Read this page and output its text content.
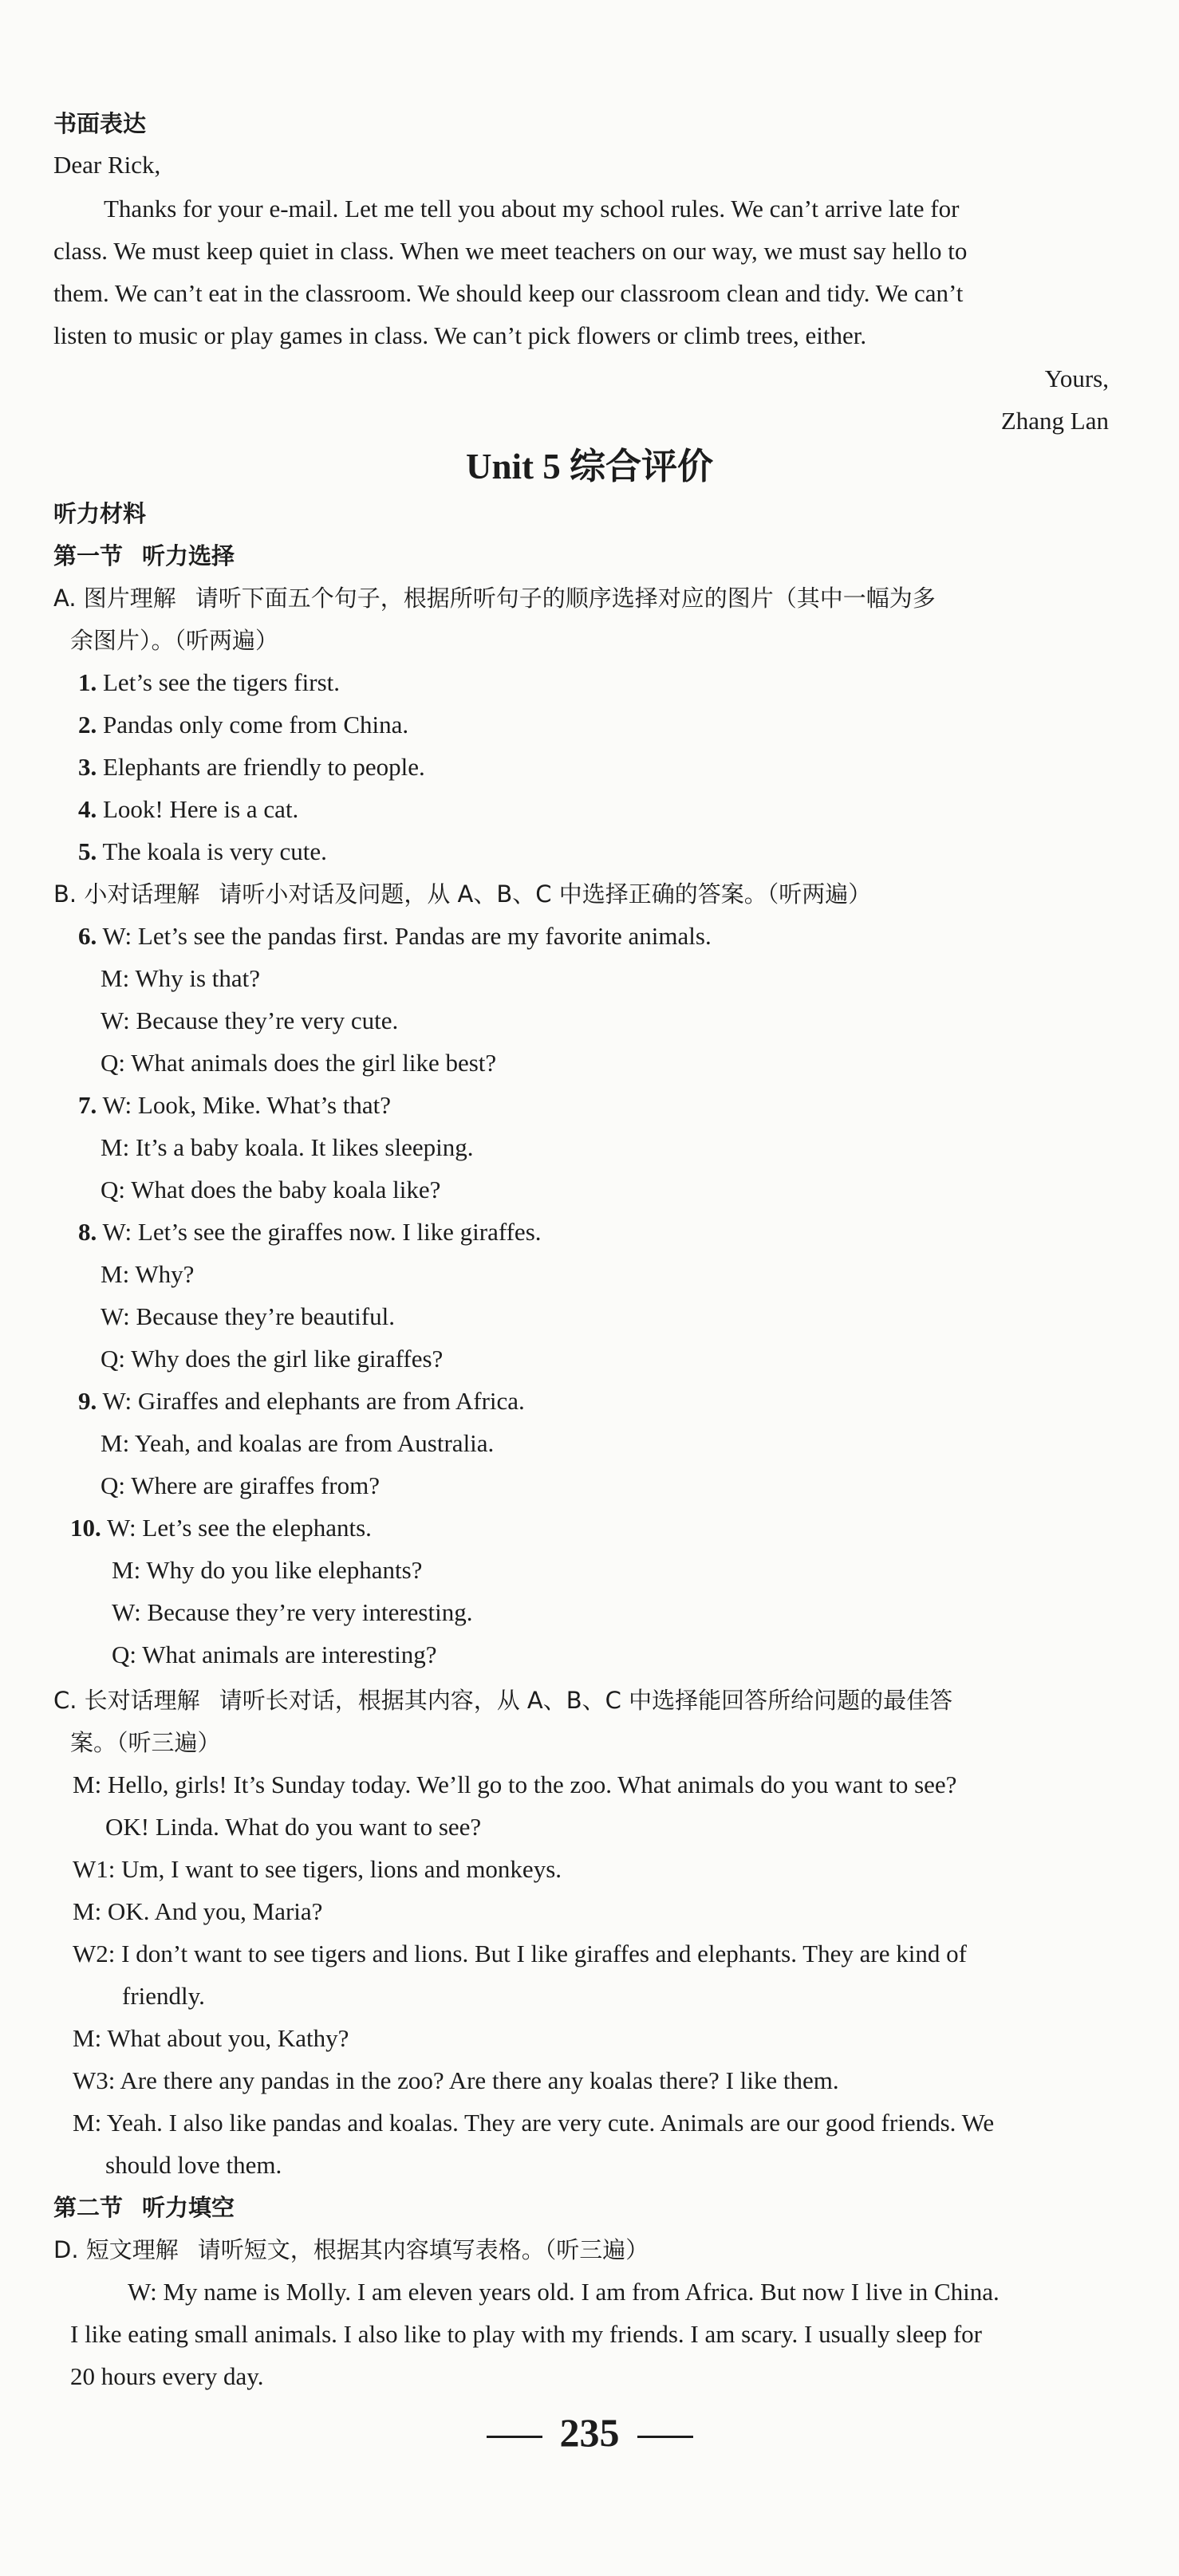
书面表达
Dear Rick,
Thanks for your e-mail. Let me tell you about my school rules. We can’t arrive late for
class. We must keep quiet in class. When we meet teachers on our way, we must say hello to
them. We can’t eat in the classroom. We should keep our classroom clean and tidy. We can’t
listen to music or play games in class. We can’t pick flowers or climb trees, either.
Yours,
Zhang Lan
Unit 5 综合评价
听力材料
第一节 听力选择
A. 图片理解 请听下面五个句子，根据所听句子的顺序选择对应的图片（其中一幅为多
余图片）。（听两遍）
1. Let’s see the tigers first.
2. Pandas only come from China.
3. Elephants are friendly to people.
4. Look! Here is a cat.
5. The koala is very cute.
B. 小对话理解 请听小对话及问题，从 A、B、C 中选择正确的答案。（听两遍）
6. W: Let’s see the pandas first. Pandas are my favorite animals.
M: Why is that?
W: Because they’re very cute.
Q: What animals does the girl like best?
7. W: Look, Mike. What’s that?
M: It’s a baby koala. It likes sleeping.
Q: What does the baby koala like?
8. W: Let’s see the giraffes now. I like giraffes.
M: Why?
W: Because they’re beautiful.
Q: Why does the girl like giraffes?
9. W: Giraffes and elephants are from Africa.
M: Yeah, and koalas are from Australia.
Q: Where are giraffes from?
10. W: Let’s see the elephants.
M: Why do you like elephants?
W: Because they’re very interesting.
Q: What animals are interesting?
C. 长对话理解 请听长对话，根据其内容，从 A、B、C 中选择能回答所给问题的最佳答
案。（听三遍）
M: Hello, girls! It’s Sunday today. We’ll go to the zoo. What animals do you want to see?
OK! Linda. What do you want to see?
W1: Um, I want to see tigers, lions and monkeys.
M: OK. And you, Maria?
W2: I don’t want to see tigers and lions. But I like giraffes and elephants. They are kind of
friendly.
M: What about you, Kathy?
W3: Are there any pandas in the zoo? Are there any koalas there? I like them.
M: Yeah. I also like pandas and koalas. They are very cute. Animals are our good friends. We
should love them.
第二节 听力填空
D. 短文理解 请听短文，根据其内容填写表格。（听三遍）
W: My name is Molly. I am eleven years old. I am from Africa. But now I live in China.
I like eating small animals. I also like to play with my friends. I am scary. I usually sleep for
20 hours every day.
235
